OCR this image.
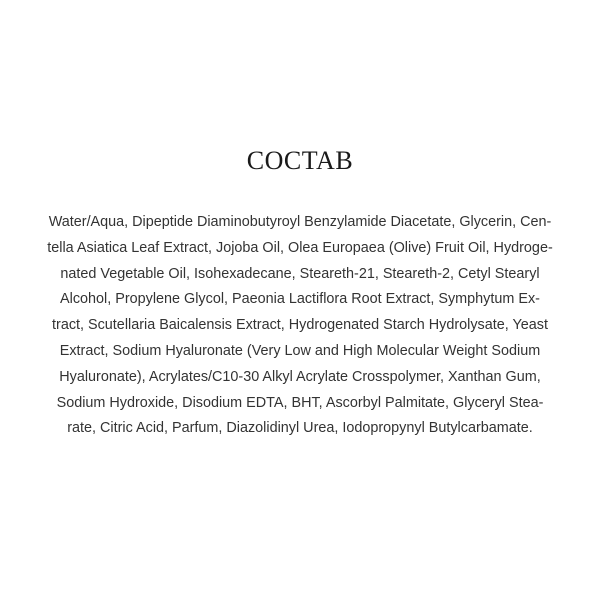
COCTAB
Water/Aqua, Dipeptide Diaminobutyroyl Benzylamide Diacetate, Glycerin, Cen-
tella Asiatica Leaf Extract, Jojoba Oil, Olea Europaea (Olive) Fruit Oil, Hydroge-
nated Vegetable Oil, Isohexadecane, Steareth-21, Steareth-2, Cetyl Stearyl
Alcohol, Propylene Glycol, Paeonia Lactiflora Root Extract, Symphytum Ex-
tract, Scutellaria Baicalensis Extract, Hydrogenated Starch Hydrolysate, Yeast
Extract, Sodium Hyaluronate (Very Low and High Molecular Weight Sodium
Hyaluronate), Acrylates/C10-30 Alkyl Acrylate Crosspolymer, Xanthan Gum,
Sodium Hydroxide, Disodium EDTA, BHT, Ascorbyl Palmitate, Glyceryl Stea-
rate, Citric Acid, Parfum, Diazolidinyl Urea, Iodopropynyl Butylcarbamate.
